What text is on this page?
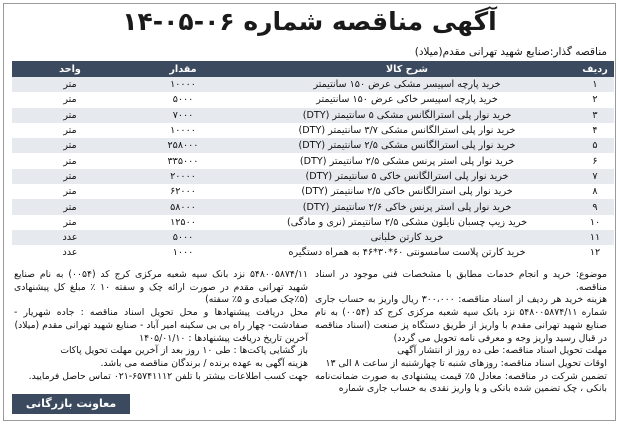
آگهی مناقصه شماره ۰۶-۰۵-۱۴
مناقصه گذار:صنایع شهید تهرانی مقدم(میلاد)
ردیف	شرح کالا	مقدار	واحد
۱	خرید پارچه اسپیسر مشکی عرض ۱۵۰ سانتیمتر	۱۰۰۰۰	متر
۲	خرید پارچه اسپیسر خاکی عرض ۱۵۰ سانتیمتر	۵۰۰۰	متر
۳	خرید نوار پلی استرالگانس مشکی ۵ سانتیمتر (DTY)	۷۰۰۰	متر
۴	خرید نوار پلی استرالگانس مشکی ۳/۷ سانتیمتر (DTY)	۱۰۰۰۰	متر
۵	خرید نوار پلی استرالگانس مشکی ۲/۵ سانتیمتر (DTY)	۲۵۸۰۰۰	متر
۶	خرید نوار پلی استر پرنس مشکی ۲/۵ سانتیمتر (DTY)	۳۳۵۰۰۰	متر
۷	خرید نوار پلی استرالگانس خاکی ۵ سانتیمتر (DTY)	۲۰۰۰۰	متر
۸	خرید نوار پلی استرالگانس خاکی ۲/۵ سانتیمتر (DTY)	۶۲۰۰۰	متر
۹	خرید نوار پلی استر پرنس خاکی ۲/۶ سانتیمتر (DTY)	۵۸۰۰۰	متر
۱۰	خرید زیپ چسبان نایلون مشکی ۲/۵ سانتیمتر (نری و مادگی)	۱۲۵۰۰	متر
۱۱	خرید کارتن خلبانی	۵۰۰۰	عدد
۱۲	خرید کارتن پلاست سامسونتی ۶۰*۳۰*۴۶ به همراه دستگیره	۱۰۰۰	عدد

موضوع: خرید و انجام خدمات مطابق با مشخصات فنی موجود در اسناد مناقصه.

هزینه خرید هر ردیف از اسناد مناقصه: ۳۰۰،۰۰۰ ریال واریز به حساب جاری شماره ۵۴۸۰۰۵۸۷۴/۱۱ نزد بانک سپه شعبه مرکزی کرج کد (۰۰۵۴) به نام صنایع شهید تهرانی مقدم با واریز از طریق دستگاه پز صنعت (اسناد مناقصه در قبال رسید واریز وجه و معرفی نامه تحویل می گردد)

مهلت تحویل اسناد مناقصه: طی ده روز از انتشار آگهی

اوقات تحویل اسناد مناقصه: روزهای شنبه تا چهارشنبه از ساعت ۸ الی ۱۳

تضمین شرکت در مناقصه: معادل ۵٪ قیمت پیشنهادی به صورت ضمانت‌نامه بانکی ، چک تضمین شده بانکی و یا واریز نقدی به حساب جاری شماره

۵۴۸۰۰۵۸۷۴/۱۱ نزد بانک سپه شعبه مرکزی کرج کد (۰۰۵۴) به نام صنایع شهید تهرانی مقدم در صورت ارائه چک و سفته ۱۰ ٪ مبلغ کل پیشنهادی (۵٪چک صیادی و ۵٪ سفته)

محل دریافت پیشنهادها و محل تحویل اسناد مناقصه : جاده شهریار - صفادشت- چهار راه بی بی سکینه امیر آباد - صنایع شهید تهرانی مقدم (میلاد)

آخرین تاریخ دریافت پیشنهادها : ۱۴۰۵/۰۱/۱۰

باز گشایی پاکت‌ها : طی ۱۰ روز بعد از آخرین مهلت تحویل پاکات

هزینه آگهی به عهده برنده / برندگان مناقصه می باشد.

جهت کسب اطلاعات بیشتر با تلفن ۶۵۷۴۱۱۱۲-۰۲۱ تماس حاصل فرمایید.

معاونت بازرگانی
